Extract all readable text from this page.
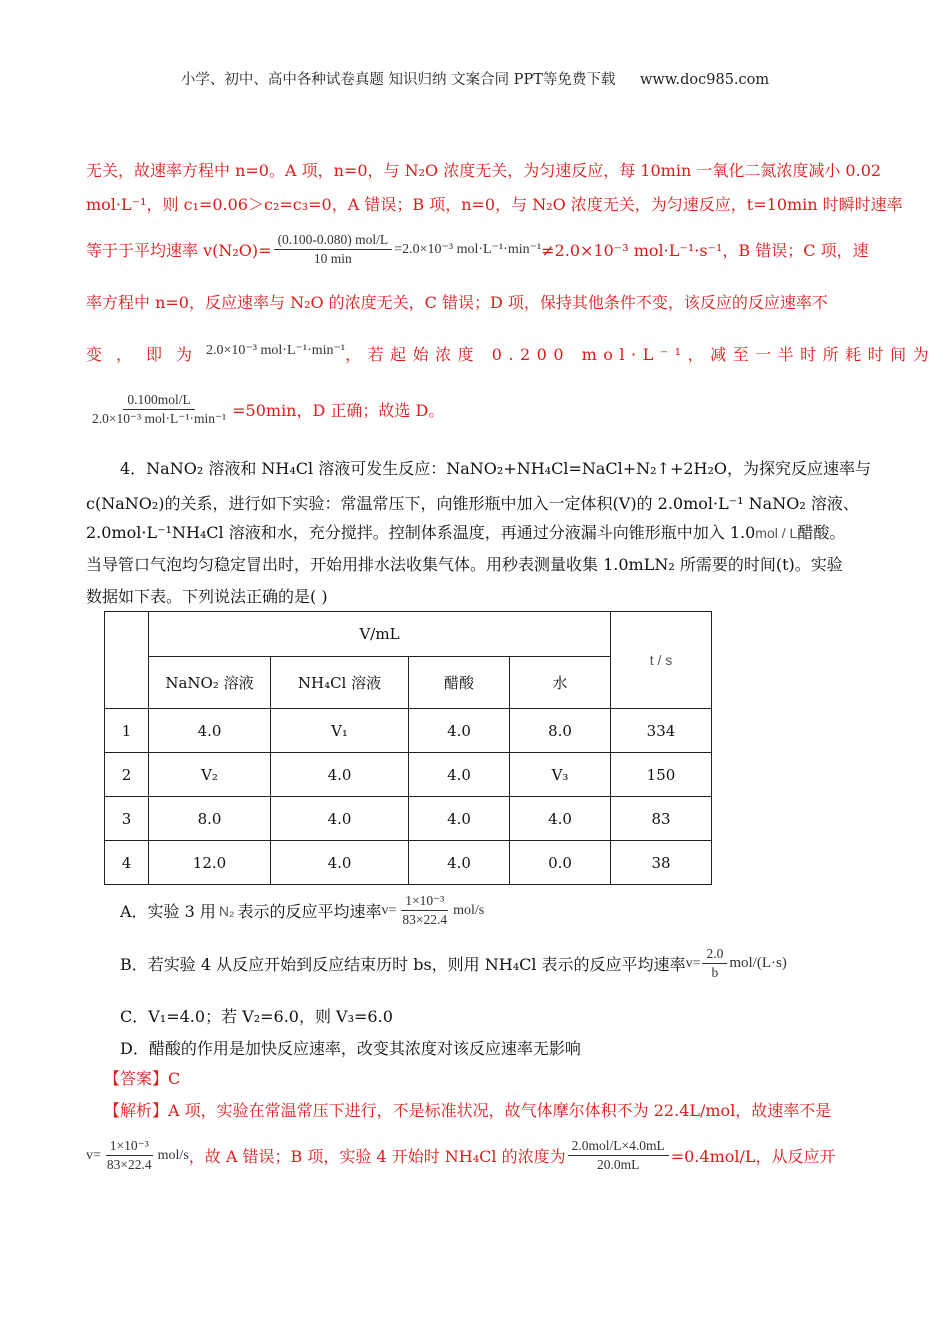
小学、初中、高中各种试卷真题 知识归纳 文案合同 PPT等免费下载 www.doc985.com
无关，故速率方程中 n=0。A 项，n=0，与 N₂O 浓度无关，为匀速反应，每 10min 一氧化二氮浓度减小 0.02
mol·L⁻¹，则 c₁=0.06＞c₂=c₃=0，A 错误；B 项，n=0，与 N₂O 浓度无关，为匀速反应，t=10min 时瞬时速率
等于于平均速率 $v(N_2O)= \frac{\text{(0.100-0.080) mol/L}}{10 \min} = 2.0\times 10^{-3}$ mol·L⁻¹·min⁻¹ ≠2.0×10⁻³ mol·L⁻¹·s⁻¹，B 错误；C 项，速
率方程中 n=0，反应速率与 N₂O 的浓度无关，C 错误；D 项，保持其他条件不变，该反应的反应速率不
变，即为 2.0×10⁻³ mol·L⁻¹·min⁻¹ ，若起始浓度 0.200 mol·L⁻¹，减至一半时所耗时间为
$\frac{\text{0.100mol/L}}{\text{2.0×10⁻³ mol·L⁻¹·min⁻¹}} =50\min$，D 正确；故选 D。
4．NaNO₂ 溶液和 NH₄Cl 溶液可发生反应：NaNO₂+NH₄Cl=NaCl+N₂↑+2H₂O，为探究反应速率与
c(NaNO₂)的关系，进行如下实验：常温常压下，向锥形瓶中加入一定体积(V)的 2.0mol·L⁻¹ NaNO₂ 溶液、
2.0mol·L⁻¹NH₄Cl 溶液和水，充分搅拌。控制体系温度，再通过分液漏斗向锥形瓶中加入 1.0mol / L醋酸。
当导管口气泡均匀稳定冒出时，开始用排水法收集气体。用秒表测量收集 1.0mLN₂ 所需要的时间(t)。实验
数据如下表。下列说法正确的是( )
	V/mL				t / s
	NaNO₂ 溶液	NH₄Cl 溶液	醋酸	水	
1	4.0	V₁	4.0	8.0	334
2	V₂	4.0	4.0	V₃	150
3	8.0	4.0	4.0	4.0	83
4	12.0	4.0	4.0	0.0	38
A．实验 3 用 N₂ 表示的反应平均速率 $v= \frac{\text{1×10⁻³}}{83\times 22.4} mol/s$
B．若实验 4 从反应开始到反应结束历时 bs，则用 NH₄Cl 表示的反应平均速率 $v= \frac{2.0}{b} mol/(L\cdot s)$
C．V₁=4.0；若 V₂=6.0，则 V₃=6.0
D．醋酸的作用是加快反应速率，改变其浓度对该反应速率无影响
【答案】C
【解析】A 项，实验在常温常压下进行，不是标准状况，故气体摩尔体积不为 22.4L/mol，故速率不是
$v= \frac{\text{1×10⁻³}}{83\times 22.4} mol/s$ ，故 A 错误；B 项，实验 4 开始时 NH₄Cl 的浓度为 $\frac{\text{2.0mol/L×4.0mL}}{20.0mL} =0.4mol/L$，从反应开
